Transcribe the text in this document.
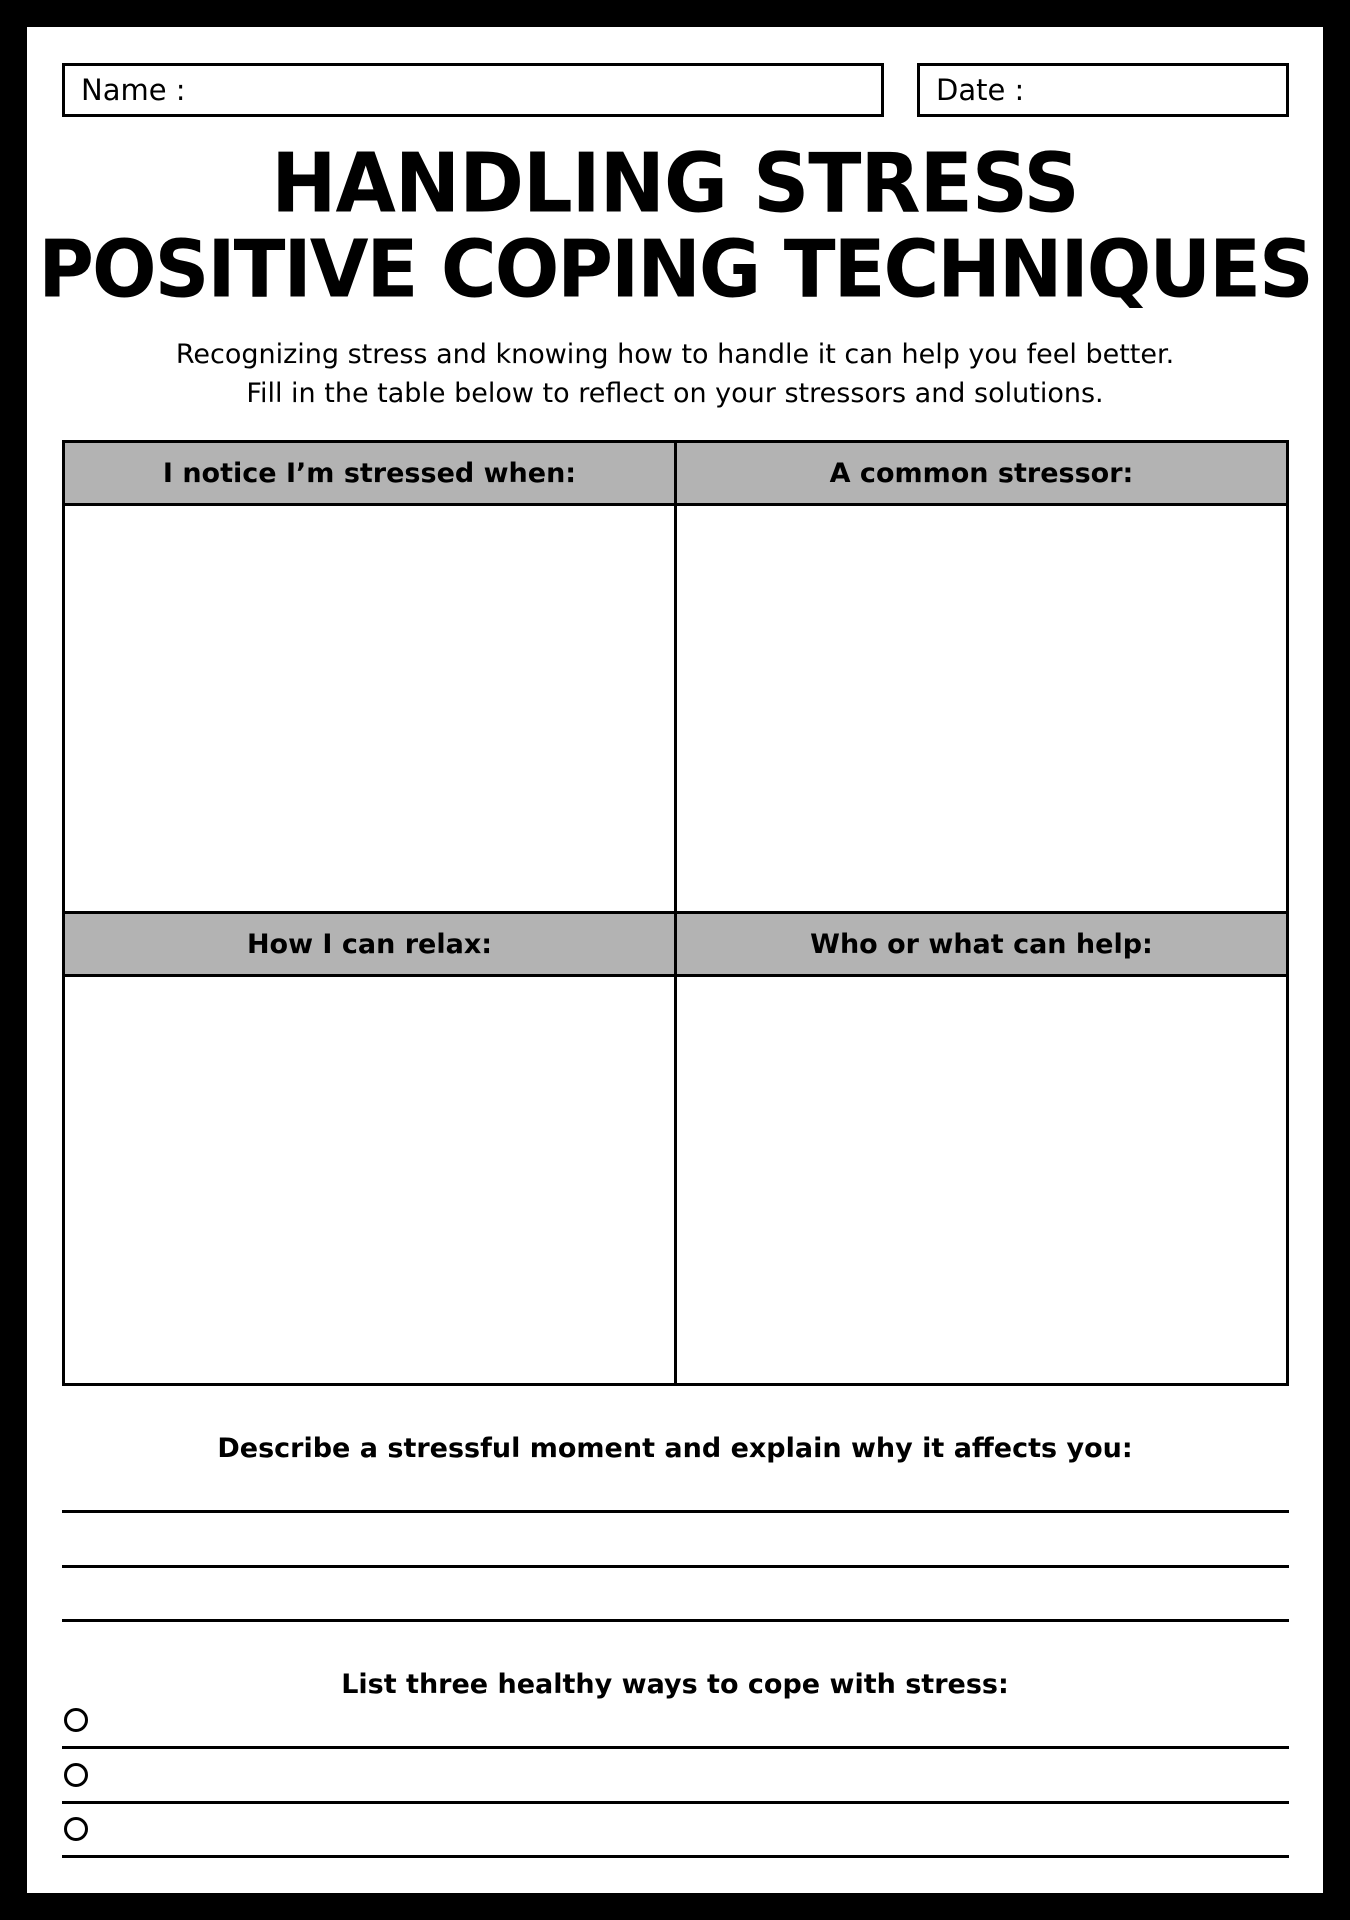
Name :	Date :
HANDLING STRESS
POSITIVE COPING TECHNIQUES
Recognizing stress and knowing how to handle it can help you feel better.
Fill in the table below to reflect on your stressors and solutions.
I notice I’m stressed when:	A common stressor:
How I can relax:	Who or what can help:
Describe a stressful moment and explain why it affects you:
List three healthy ways to cope with stress:
